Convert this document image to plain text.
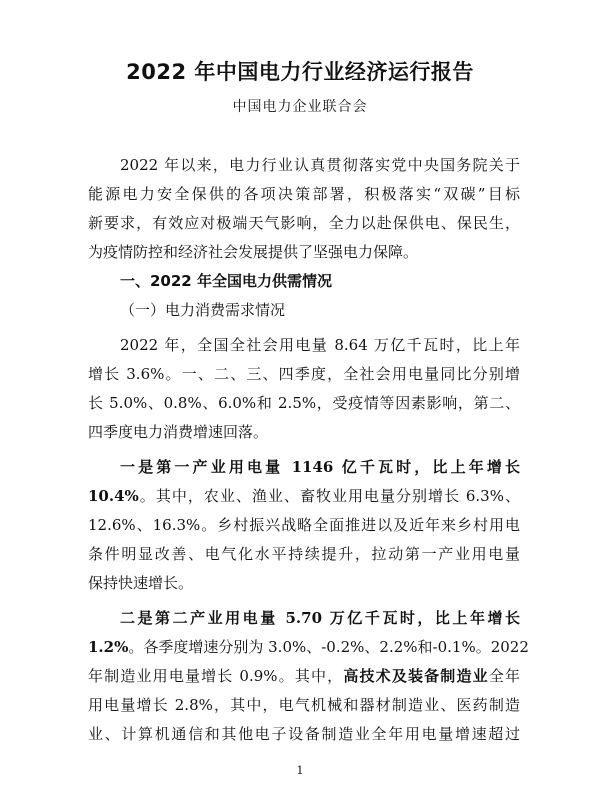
2022 年中国电力行业经济运行报告
中国电力企业联合会

2022 年以来，电力行业认真贯彻落实党中央国务院关于

能源电力安全保供的各项决策部署，积极落实“双碳”目标

新要求，有效应对极端天气影响，全力以赴保供电、保民生，

为疫情防控和经济社会发展提供了坚强电力保障。

一、2022 年全国电力供需情况

（一）电力消费需求情况

2022 年，全国全社会用电量 8.64 万亿千瓦时，比上年

增长 3.6%。一、二、三、四季度，全社会用电量同比分别增

长 5.0%、0.8%、6.0%和 2.5%，受疫情等因素影响，第二、

四季度电力消费增速回落。

一是第一产业用电量 1146 亿千瓦时，比上年增长

10.4%。其中，农业、渔业、畜牧业用电量分别增长 6.3%、

12.6%、16.3%。乡村振兴战略全面推进以及近年来乡村用电

条件明显改善、电气化水平持续提升，拉动第一产业用电量

保持快速增长。

二是第二产业用电量 5.70 万亿千瓦时，比上年增长

1.2%。各季度增速分别为 3.0%、-0.2%、2.2%和-0.1%。2022

年制造业用电量增长 0.9%。其中，高技术及装备制造业全年

用电量增长 2.8%，其中，电气机械和器材制造业、医药制造

业、计算机通信和其他电子设备制造业全年用电量增速超过

1
